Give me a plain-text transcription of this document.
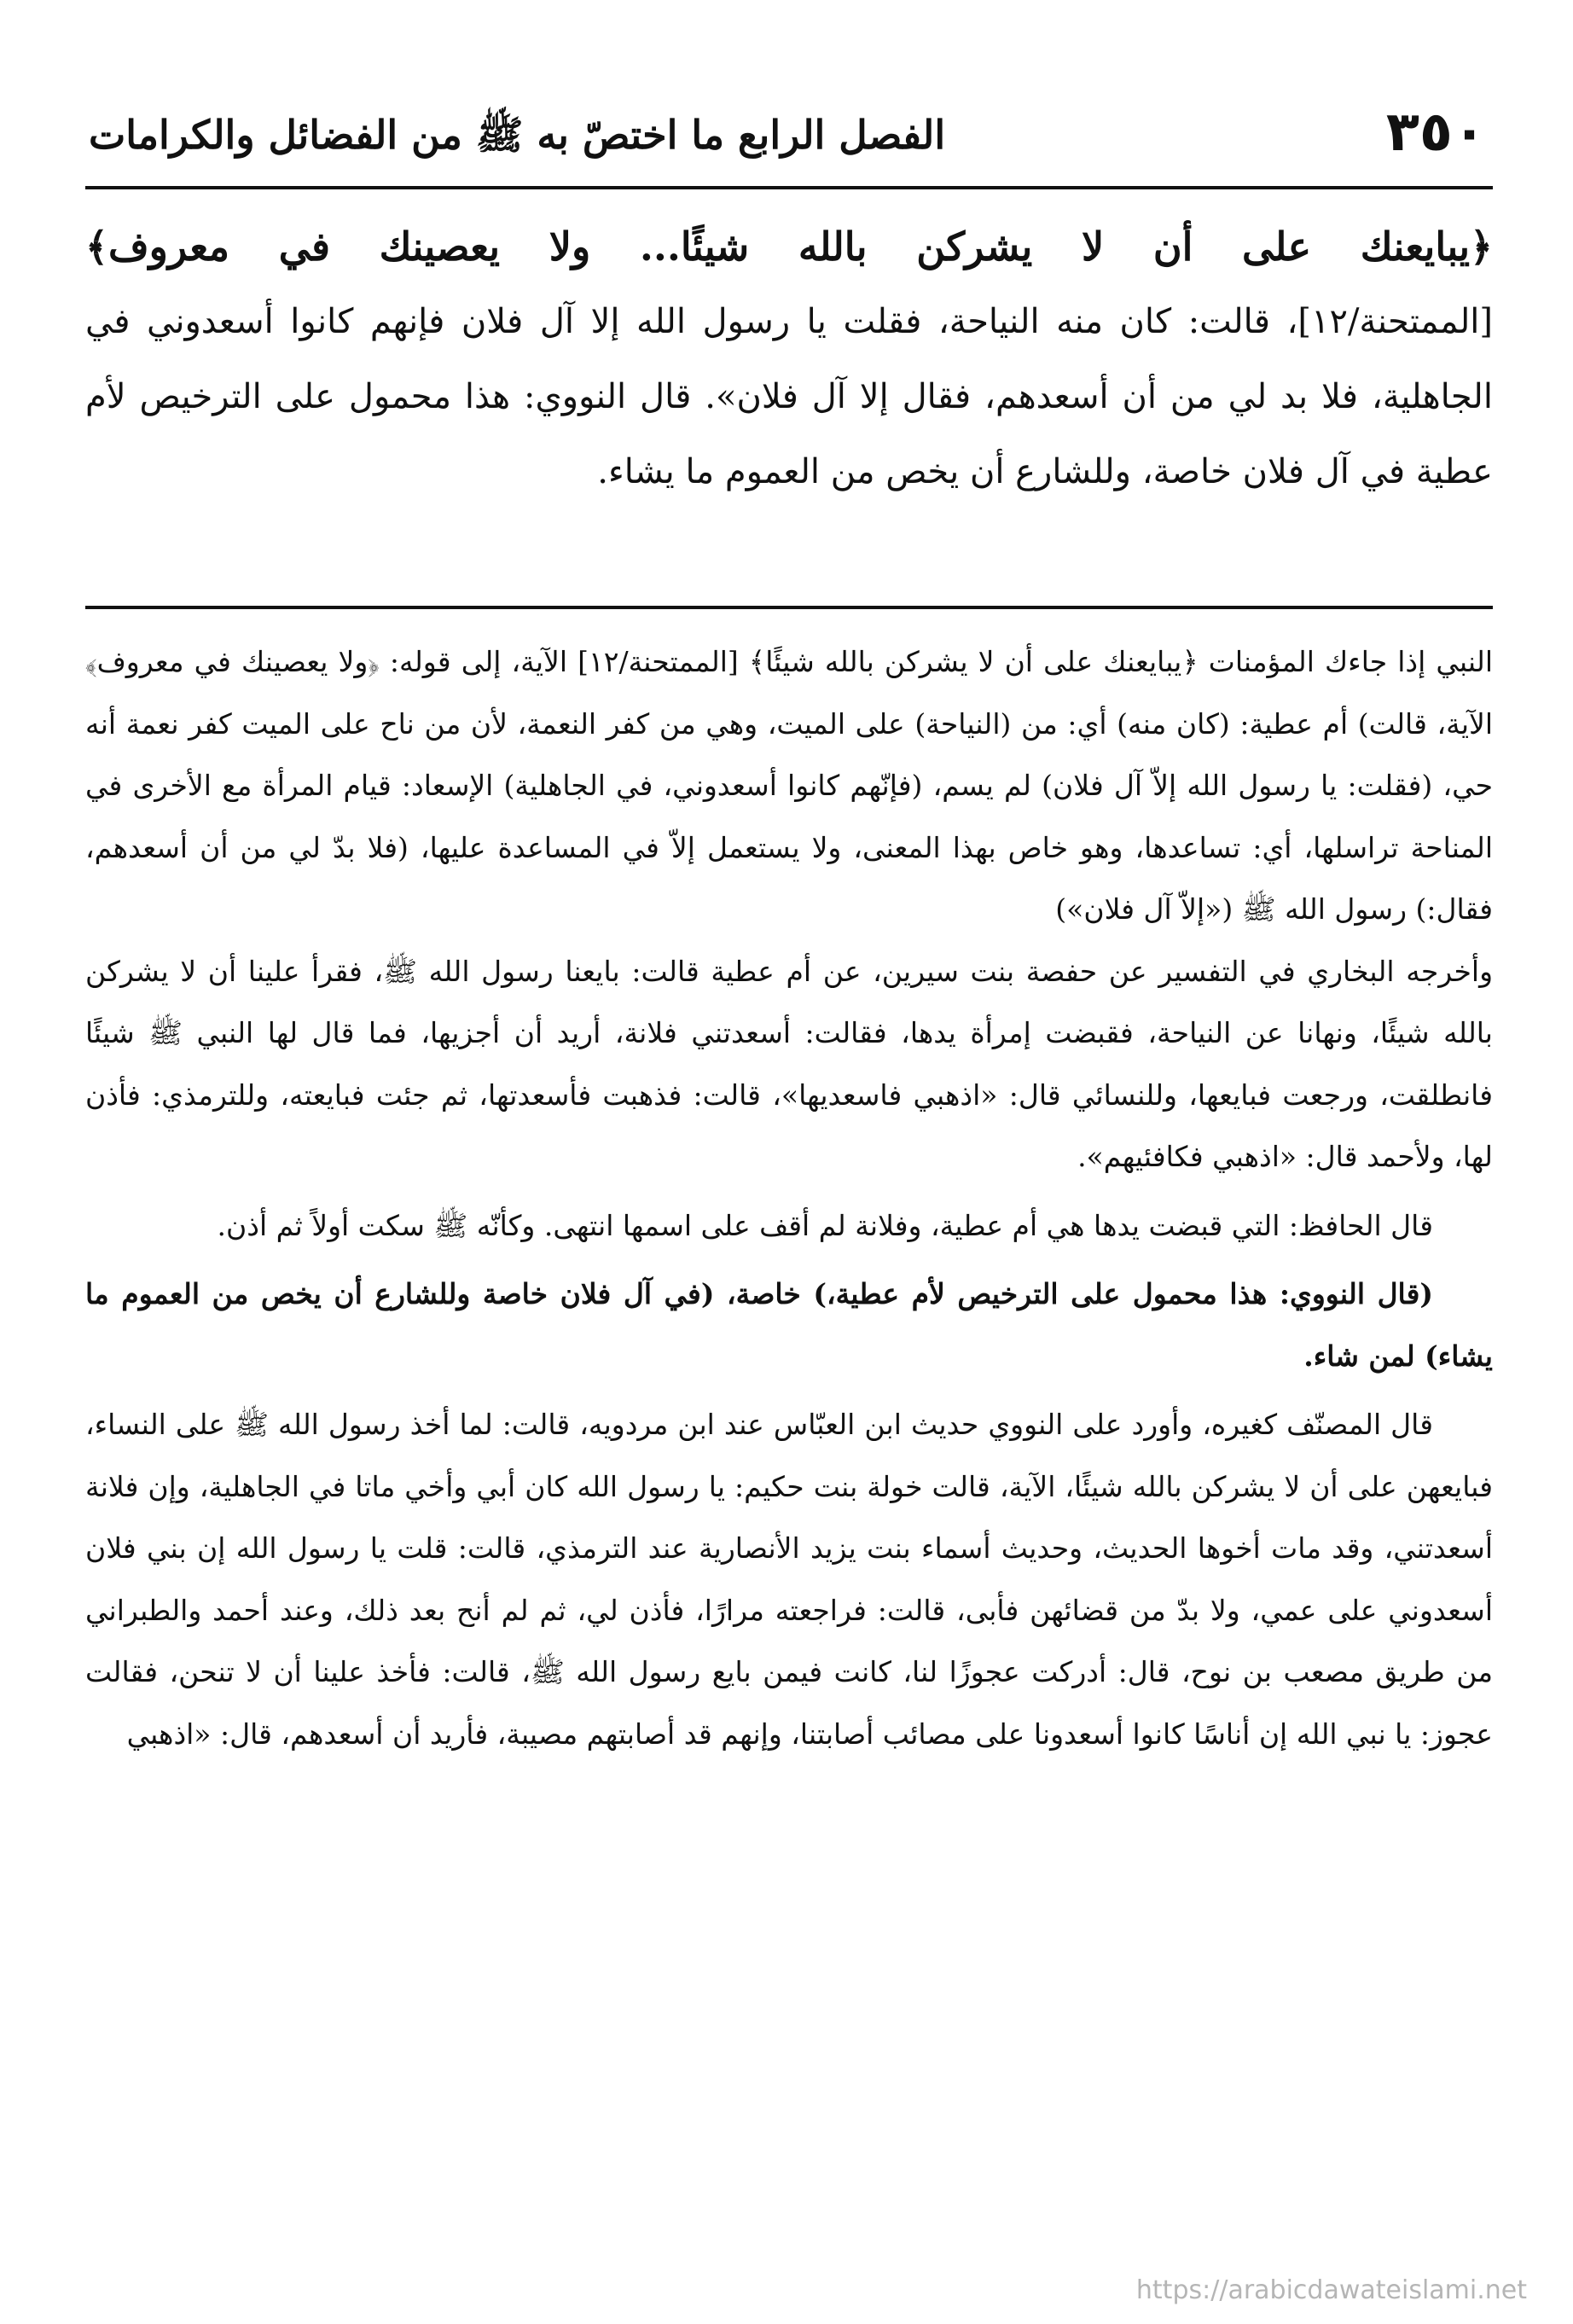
٣٥٠
الفصل الرابع ما اختصّ به ﷺ من الفضائل والكرامات

﴿يبايعنك على أن لا يشركن بالله شيئًا... ولا يعصينك في معروف﴾

[الممتحنة/١٢]، قالت: كان منه النياحة، فقلت يا رسول الله إلا آل فلان فإنهم كانوا أسعدوني في الجاهلية، فلا بد لي من أن أسعدهم، فقال إلا آل فلان». قال النووي: هذا محمول على الترخيص لأم عطية في آل فلان خاصة، وللشارع أن يخص من العموم ما يشاء.

النبي إذا جاءك المؤمنات ﴿يبايعنك على أن لا يشركن بالله شيئًا﴾ [الممتحنة/١٢] الآية، إلى قوله: ﴿ولا يعصينك في معروف﴾ الآية، قالت) أم عطية: (كان منه) أي: من (النياحة) على الميت، وهي من كفر النعمة، لأن من ناح على الميت كفر نعمة أنه حي، (فقلت: يا رسول الله إلاّ آل فلان) لم يسم، (فإنّهم كانوا أسعدوني، في الجاهلية) الإسعاد: قيام المرأة مع الأخرى في المناحة تراسلها، أي: تساعدها، وهو خاص بهذا المعنى، ولا يستعمل إلاّ في المساعدة عليها، (فلا بدّ لي من أن أسعدهم، فقال:) رسول الله ﷺ («إلاّ آل فلان»)

وأخرجه البخاري في التفسير عن حفصة بنت سيرين، عن أم عطية قالت: بايعنا رسول الله ﷺ، فقرأ علينا أن لا يشركن بالله شيئًا، ونهانا عن النياحة، فقبضت إمرأة يدها، فقالت: أسعدتني فلانة، أريد أن أجزيها، فما قال لها النبي ﷺ شيئًا فانطلقت، ورجعت فبايعها، وللنسائي قال: «اذهبي فاسعديها»، قالت: فذهبت فأسعدتها، ثم جئت فبايعته، وللترمذي: فأذن لها، ولأحمد قال: «اذهبي فكافئيهم».

قال الحافظ: التي قبضت يدها هي أم عطية، وفلانة لم أقف على اسمها انتهى. وكأنّه ﷺ سكت أولاً ثم أذن.

(قال النووي: هذا محمول على الترخيص لأم عطية،) خاصة، (في آل فلان خاصة وللشارع أن يخص من العموم ما يشاء) لمن شاء.

قال المصنّف كغيره، وأورد على النووي حديث ابن العبّاس عند ابن مردويه، قالت: لما أخذ رسول الله ﷺ على النساء، فبايعهن على أن لا يشركن بالله شيئًا، الآية، قالت خولة بنت حكيم: يا رسول الله كان أبي وأخي ماتا في الجاهلية، وإن فلانة أسعدتني، وقد مات أخوها الحديث، وحديث أسماء بنت يزيد الأنصارية عند الترمذي، قالت: قلت يا رسول الله إن بني فلان أسعدوني على عمي، ولا بدّ من قضائهن فأبى، قالت: فراجعته مرارًا، فأذن لي، ثم لم أنح بعد ذلك، وعند أحمد والطبراني من طريق مصعب بن نوح، قال: أدركت عجوزًا لنا، كانت فيمن بايع رسول الله ﷺ، قالت: فأخذ علينا أن لا تنحن، فقالت عجوز: يا نبي الله إن أناسًا كانوا أسعدونا على مصائب أصابتنا، وإنهم قد أصابتهم مصيبة، فأريد أن أسعدهم، قال: «اذهبي

https://arabicdawateislami.net
